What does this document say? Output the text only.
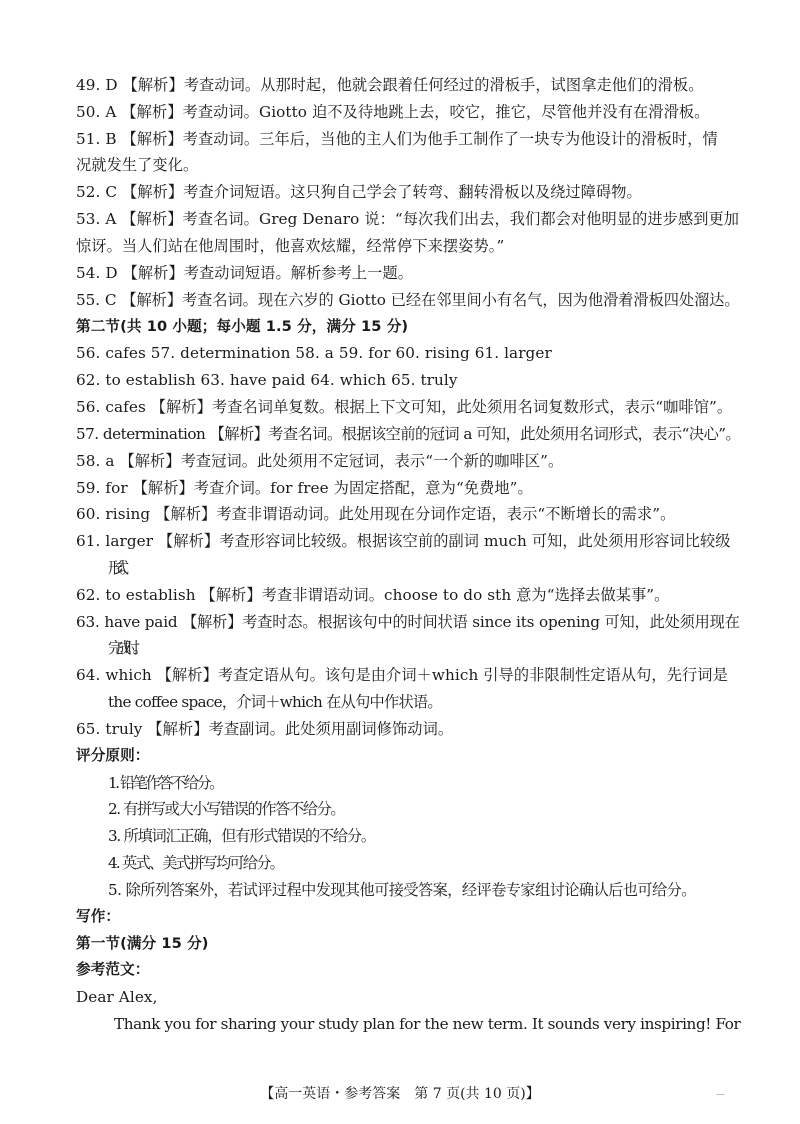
49. D 【解析】考查动词。从那时起，他就会跟着任何经过的滑板手，试图拿走他们的滑板。
50. A 【解析】考查动词。Giotto 迫不及待地跳上去，咬它，推它，尽管他并没有在滑滑板。
51. B 【解析】考查动词。三年后，当他的主人们为他手工制作了一块专为他设计的滑板时，情
况就发生了变化。
52. C 【解析】考查介词短语。这只狗自己学会了转弯、翻转滑板以及绕过障碍物。
53. A 【解析】考查名词。Greg Denaro 说：“每次我们出去，我们都会对他明显的进步感到更加
惊讶。当人们站在他周围时，他喜欢炫耀，经常停下来摆姿势。”
54. D 【解析】考查动词短语。解析参考上一题。
55. C 【解析】考查名词。现在六岁的 Giotto 已经在邻里间小有名气，因为他滑着滑板四处溜达。
第二节(共 10 小题；每小题 1.5 分，满分 15 分)
56. cafes 57. determination 58. a 59. for 60. rising 61. larger
62. to establish 63. have paid 64. which 65. truly
56. cafes 【解析】考查名词单复数。根据上下文可知，此处须用名词复数形式，表示“咖啡馆”。
57. determination 【解析】考查名词。根据该空前的冠词 a 可知，此处须用名词形式，表示“决心”。
58. a 【解析】考查冠词。此处须用不定冠词，表示“一个新的咖啡区”。
59. for 【解析】考查介词。for free 为固定搭配，意为“免费地”。
60. rising 【解析】考查非谓语动词。此处用现在分词作定语，表示“不断增长的需求”。
61. larger 【解析】考查形容词比较级。根据该空前的副词 much 可知，此处须用形容词比较级
形式。
62. to establish 【解析】考查非谓语动词。choose to do sth 意为“选择去做某事”。
63. have paid 【解析】考查时态。根据该句中的时间状语 since its opening 可知，此处须用现在
完成时。
64. which 【解析】考查定语从句。该句是由介词＋which 引导的非限制性定语从句，先行词是
the coffee space，介词＋which 在从句中作状语。
65. truly 【解析】考查副词。此处须用副词修饰动词。
评分原则：
1. 铅笔作答不给分。
2. 有拼写或大小写错误的作答不给分。
3. 所填词汇正确，但有形式错误的不给分。
4. 英式、美式拼写均可给分。
5. 除所列答案外，若试评过程中发现其他可接受答案，经评卷专家组讨论确认后也可给分。
写作：
第一节(满分 15 分)
参考范文：
Dear Alex,
Thank you for sharing your study plan for the new term. It sounds very inspiring! For
【高一英语・参考答案　第 7 页(共 10 页)】	—
